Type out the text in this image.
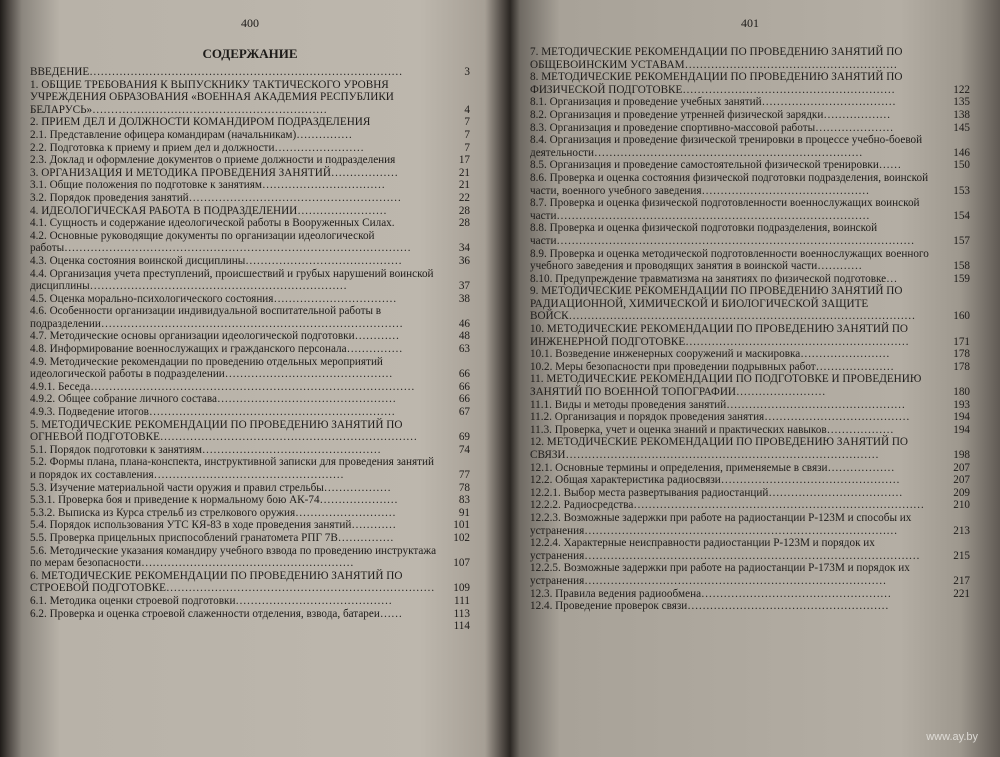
400
СОДЕРЖАНИЕ
ВВЕДЕНИЕ…………………………………………………………………………	3
1. ОБЩИЕ ТРЕБОВАНИЯ К ВЫПУСКНИКУ ТАКТИЧЕСКОГО УРОВНЯ УЧРЕЖДЕНИЯ ОБРАЗОВАНИЯ «ВОЕННАЯ АКАДЕМИЯ РЕСПУБЛИКИ БЕЛАРУСЬ»………………………………………………………	4
2. ПРИЕМ ДЕЛ И ДОЛЖНОСТИ КОМАНДИРОМ ПОДРАЗДЕЛЕНИЯ	7
2.1. Представление офицера командирам (начальникам)……………	7
2.2. Подготовка к приему и прием дел и должности……………………	7
2.3. Доклад и оформление документов о приеме должности и подразделения	17
3. ОРГАНИЗАЦИЯ И МЕТОДИКА ПРОВЕДЕНИЯ ЗАНЯТИЙ………………	21
3.1. Общие положения по подготовке к занятиям……………………………	21
3.2. Порядок проведения занятий…………………………………………………	22
4. ИДЕОЛОГИЧЕСКАЯ РАБОТА В ПОДРАЗДЕЛЕНИИ……………………	28
4.1. Сущность и содержание идеологической работы в Вооруженных Силах.	28
4.2. Основные руководящие документы по организации идеологической работы…………………………………………………………………………………	34
4.3. Оценка состояния воинской дисциплины……………………………………	36
4.4. Организация учета преступлений, происшествий и грубых нарушений воинской дисциплины……………………………………………………………	37
4.5. Оценка морально-психологического состояния……………………………	38
4.6. Особенности организации индивидуальной воспитательной работы в подразделении………………………………………………………………………	46
4.7. Методические основы организации идеологической подготовки…………	48
4.8. Информирование военнослужащих и гражданского персонала……………	63
4.9. Методические рекомендации по проведению отдельных мероприятий идеологической работы в подразделении………………………………………	66
4.9.1. Беседа……………………………………………………………………………	66
4.9.2. Общее собрание личного состава…………………………………………	66
4.9.3. Подведение итогов…………………………………………………………	67
5. МЕТОДИЧЕСКИЕ РЕКОМЕНДАЦИИ ПО ПРОВЕДЕНИЮ ЗАНЯТИЙ ПО ОГНЕВОЙ ПОДГОТОВКЕ……………………………………………………………	69
5.1. Порядок подготовки к занятиям…………………………………………	74
5.2. Формы плана, плана-конспекта, инструктивной записки для проведения занятий и порядок их составления……………………………………………	77
5.3. Изучение материальной части оружия и правил стрельбы………………	78
5.3.1. Проверка боя и приведение к нормальному бою АК-74…………………	83
5.3.2. Выписка из Курса стрельб из стрелкового оружия………………………	91
5.4. Порядок использования УТС КЯ-83 в ходе проведения занятий…………	101
5.5. Проверка прицельных приспособлений гранатомета РПГ 7В……………	102
5.6. Методические указания командиру учебного взвода по проведению инструктажа по мерам безопасности…………………………………………………	107
6. МЕТОДИЧЕСКИЕ РЕКОМЕНДАЦИИ ПО ПРОВЕДЕНИЮ ЗАНЯТИЙ ПО СТРОЕВОЙ ПОДГОТОВКЕ………………………………………………………………	109
6.1. Методика оценки строевой подготовки……………………………………	111
6.2. Проверка и оценка строевой слаженности отделения, взвода, батареи……	113
114
401
7. МЕТОДИЧЕСКИЕ РЕКОМЕНДАЦИИ ПО ПРОВЕДЕНИЮ ЗАНЯТИЙ ПО ОБЩЕВОИНСКИМ УСТАВАМ…………………………………………………
8. МЕТОДИЧЕСКИЕ РЕКОМЕНДАЦИИ ПО ПРОВЕДЕНИЮ ЗАНЯТИЙ ПО ФИЗИЧЕСКОЙ ПОДГОТОВКЕ…………………………………………………	122
8.1. Организация и проведение учебных занятий………………………………	135
8.2. Организация и проведение утренней физической зарядки………………	138
8.3. Организация и проведение спортивно-массовой работы…………………	145
8.4. Организация и проведение физической тренировки в процессе учебно-боевой деятельности………………………………………………………………	146
8.5. Организация и проведение самостоятельной физической тренировки……	150
8.6. Проверка и оценка состояния физической подготовки подразделения, воинской части, военного учебного заведения………………………………………	153
8.7. Проверка и оценка физической подготовленности военнослужащих воинской части…………………………………………………………………………	154
8.8. Проверка и оценка физической подготовки подразделения, воинской части……………………………………………………………………………………	157
8.9. Проверка и оценка методической подготовленности военнослужащих военного учебного заведения и проводящих занятия в воинской части…………	158
8.10. Предупреждение травматизма на занятиях по физической подготовке…	159
9. МЕТОДИЧЕСКИЕ РЕКОМЕНДАЦИИ ПО ПРОВЕДЕНИЮ ЗАНЯТИЙ ПО РАДИАЦИОННОЙ, ХИМИЧЕСКОЙ И БИОЛОГИЧЕСКОЙ ЗАЩИТЕ ВОЙСК…………………………………………………………………………………	160
10. МЕТОДИЧЕСКИЕ РЕКОМЕНДАЦИИ ПО ПРОВЕДЕНИЮ ЗАНЯТИЙ ПО ИНЖЕНЕРНОЙ ПОДГОТОВКЕ……………………………………………………	171
10.1. Возведение инженерных сооружений и маскировка……………………	178
10.2. Меры безопасности при проведении подрывных работ…………………	178
11. МЕТОДИЧЕСКИЕ РЕКОМЕНДАЦИИ ПО ПОДГОТОВКЕ И ПРОВЕДЕНИЮ ЗАНЯТИЙ ПО ВОЕННОЙ ТОПОГРАФИИ……………………	180
11.1. Виды и методы проведения занятий…………………………………………	193
11.2. Организация и порядок проведения занятия…………………………………	194
11.3. Проверка, учет и оценка знаний и практических навыков………………	194
12. МЕТОДИЧЕСКИЕ РЕКОМЕНДАЦИИ ПО ПРОВЕДЕНИЮ ЗАНЯТИЙ ПО СВЯЗИ…………………………………………………………………………	198
12.1. Основные термины и определения, применяемые в связи………………	207
12.2. Общая характеристика радиосвязи…………………………………………	207
12.2.1. Выбор места развертывания радиостанций………………………………	209
12.2.2. Радиосредства……………………………………………………………………	210
12.2.3. Возможные задержки при работе на радиостанции Р-123М и способы их устранения…………………………………………………………………………	213
12.2.4. Характерные неисправности радиостанции Р-123М и порядок их устранения………………………………………………………………………………	215
12.2.5. Возможные задержки при работе на радиостанции Р-173М и порядок их устранения………………………………………………………………………	217
12.3. Правила ведения радиообмена……………………………………………	221
12.4. Проведение проверок связи………………………………………………
www.ay.by
